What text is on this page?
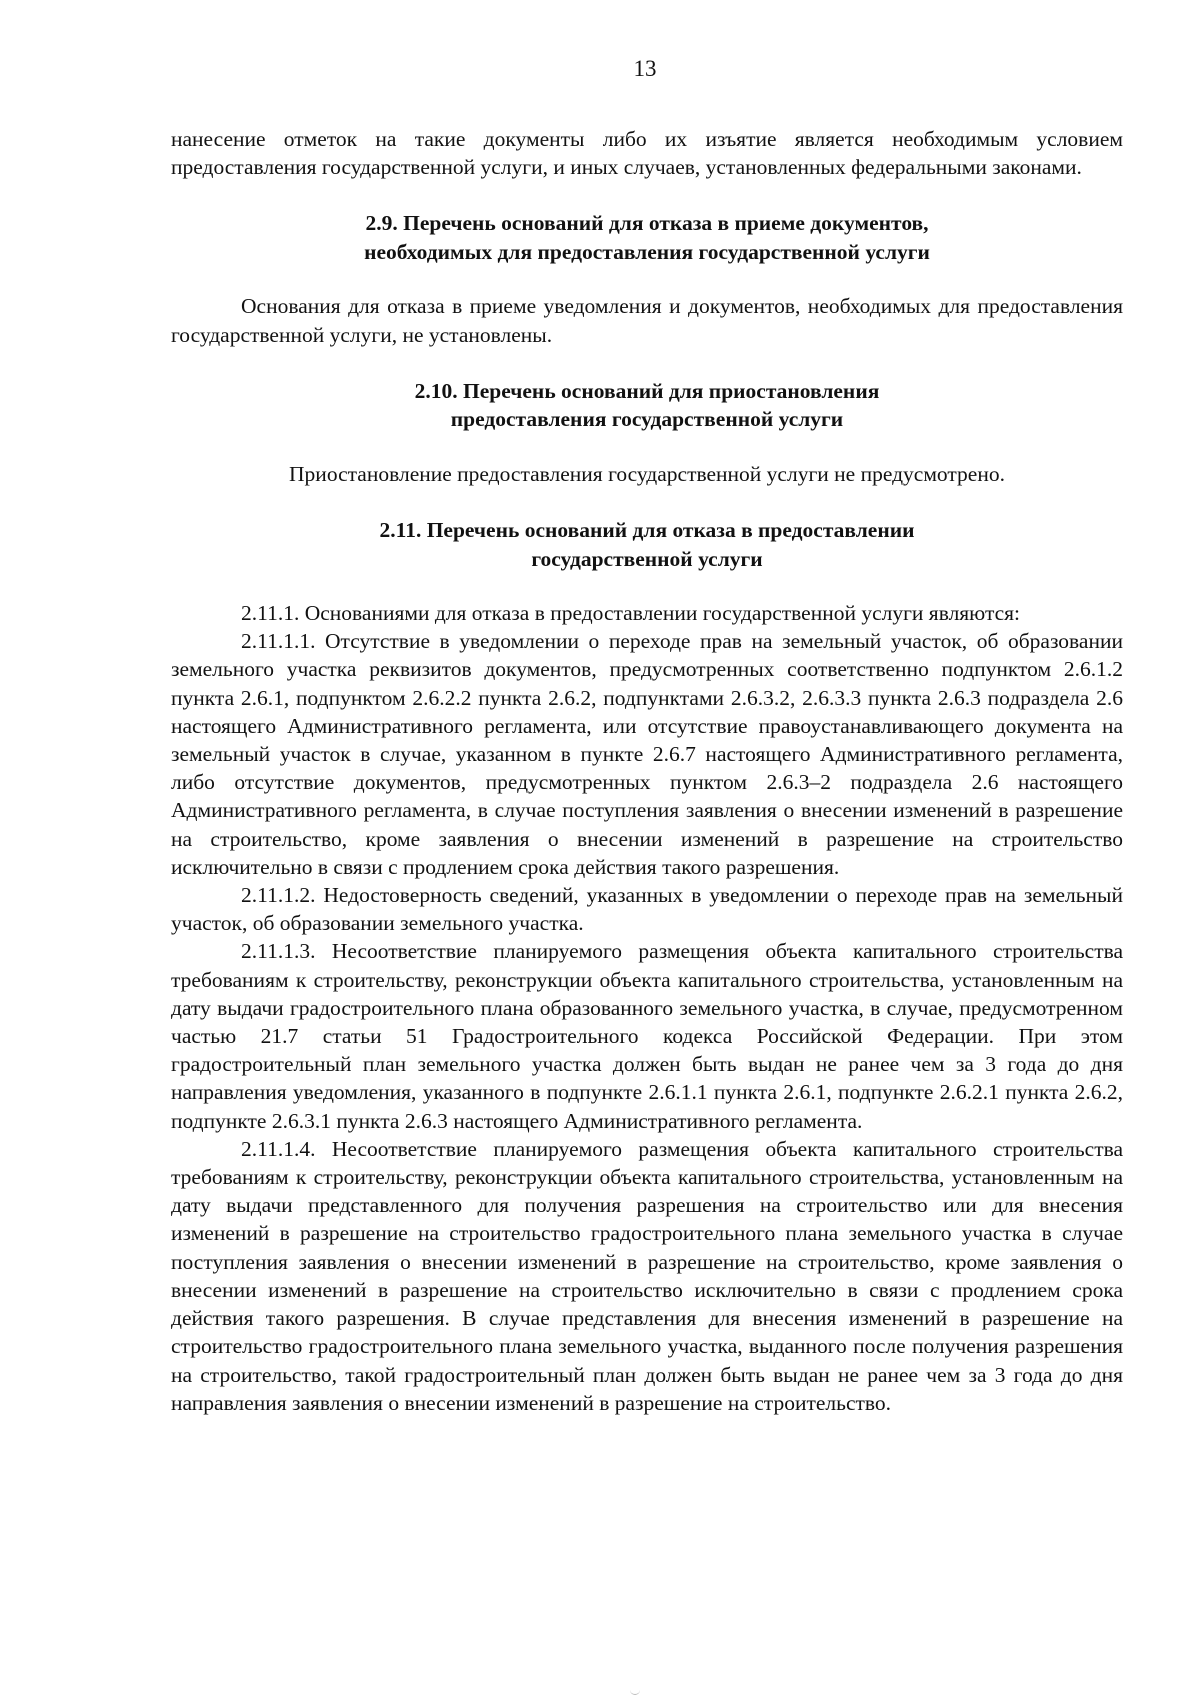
13

нанесение отметок на такие документы либо их изъятие является необходимым условием предоставления государственной услуги, и иных случаев, установленных федеральными законами.

2.9. Перечень оснований для отказа в приеме документов,
необходимых для предоставления государственной услуги

Основания для отказа в приеме уведомления и документов, необходимых для предоставления государственной услуги, не установлены.

2.10. Перечень оснований для приостановления
предоставления государственной услуги

Приостановление предоставления государственной услуги не предусмотрено.

2.11. Перечень оснований для отказа в предоставлении
государственной услуги

2.11.1. Основаниями для отказа в предоставлении государственной услуги являются:

2.11.1.1. Отсутствие в уведомлении о переходе прав на земельный участок, об образовании земельного участка реквизитов документов, предусмотренных соответственно подпунктом 2.6.1.2 пункта 2.6.1, подпунктом 2.6.2.2 пункта 2.6.2, подпунктами 2.6.3.2, 2.6.3.3 пункта 2.6.3 подраздела 2.6 настоящего Административного регламента, или отсутствие правоустанавливающего документа на земельный участок в случае, указанном в пункте 2.6.7 настоящего Административного регламента, либо отсутствие документов, предусмотренных пунктом 2.6.3–2 подраздела 2.6 настоящего Административного регламента, в случае поступления заявления о внесении изменений в разрешение на строительство, кроме заявления о внесении изменений в разрешение на строительство исключительно в связи с продлением срока действия такого разрешения.

2.11.1.2. Недостоверность сведений, указанных в уведомлении о переходе прав на земельный участок, об образовании земельного участка.

2.11.1.3. Несоответствие планируемого размещения объекта капитального строительства требованиям к строительству, реконструкции объекта капитального строительства, установленным на дату выдачи градостроительного плана образованного земельного участка, в случае, предусмотренном частью 21.7 статьи 51 Градостроительного кодекса Российской Федерации. При этом градостроительный план земельного участка должен быть выдан не ранее чем за 3 года до дня направления уведомления, указанного в подпункте 2.6.1.1 пункта 2.6.1, подпункте 2.6.2.1 пункта 2.6.2, подпункте 2.6.3.1 пункта 2.6.3 настоящего Административного регламента.

2.11.1.4. Несоответствие планируемого размещения объекта капитального строительства требованиям к строительству, реконструкции объекта капитального строительства, установленным на дату выдачи представленного для получения разрешения на строительство или для внесения изменений в разрешение на строительство градостроительного плана земельного участка в случае поступления заявления о внесении изменений в разрешение на строительство, кроме заявления о внесении изменений в разрешение на строительство исключительно в связи с продлением срока действия такого разрешения. В случае представления для внесения изменений в разрешение на строительство градостроительного плана земельного участка, выданного после получения разрешения на строительство, такой градостроительный план должен быть выдан не ранее чем за 3 года до дня направления заявления о внесении изменений в разрешение на строительство.
